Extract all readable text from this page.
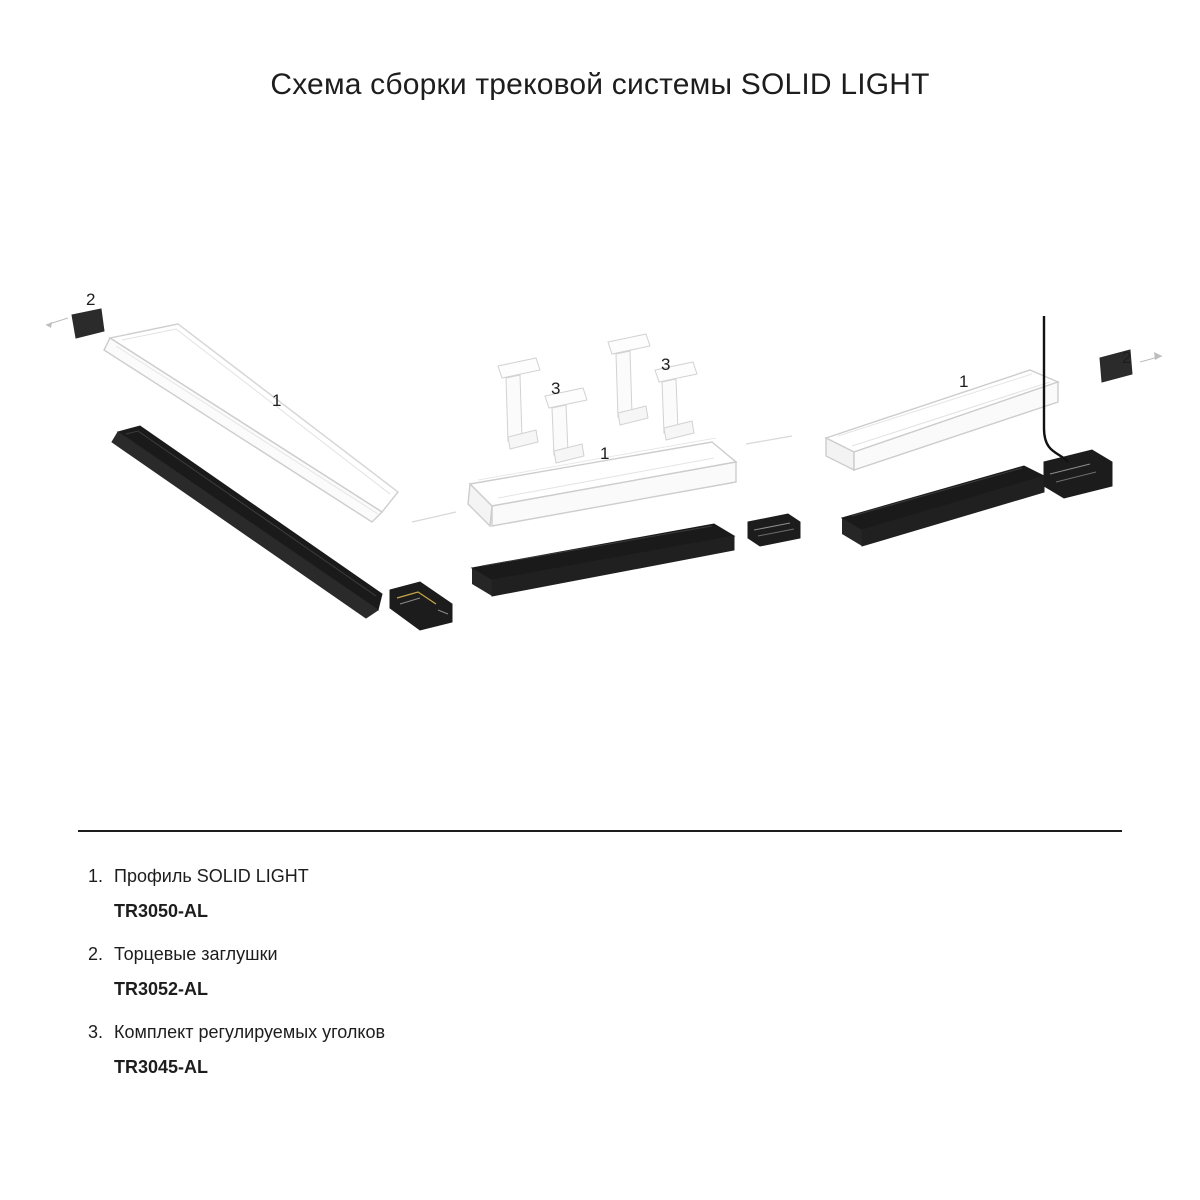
Схема сборки трековой системы SOLID LIGHT
2
1
3
3
1
1
2
1. Профиль SOLID LIGHT
TR3050-AL
2. Торцевые заглушки
TR3052-AL
3. Комплект регулируемых уголков
TR3045-AL
